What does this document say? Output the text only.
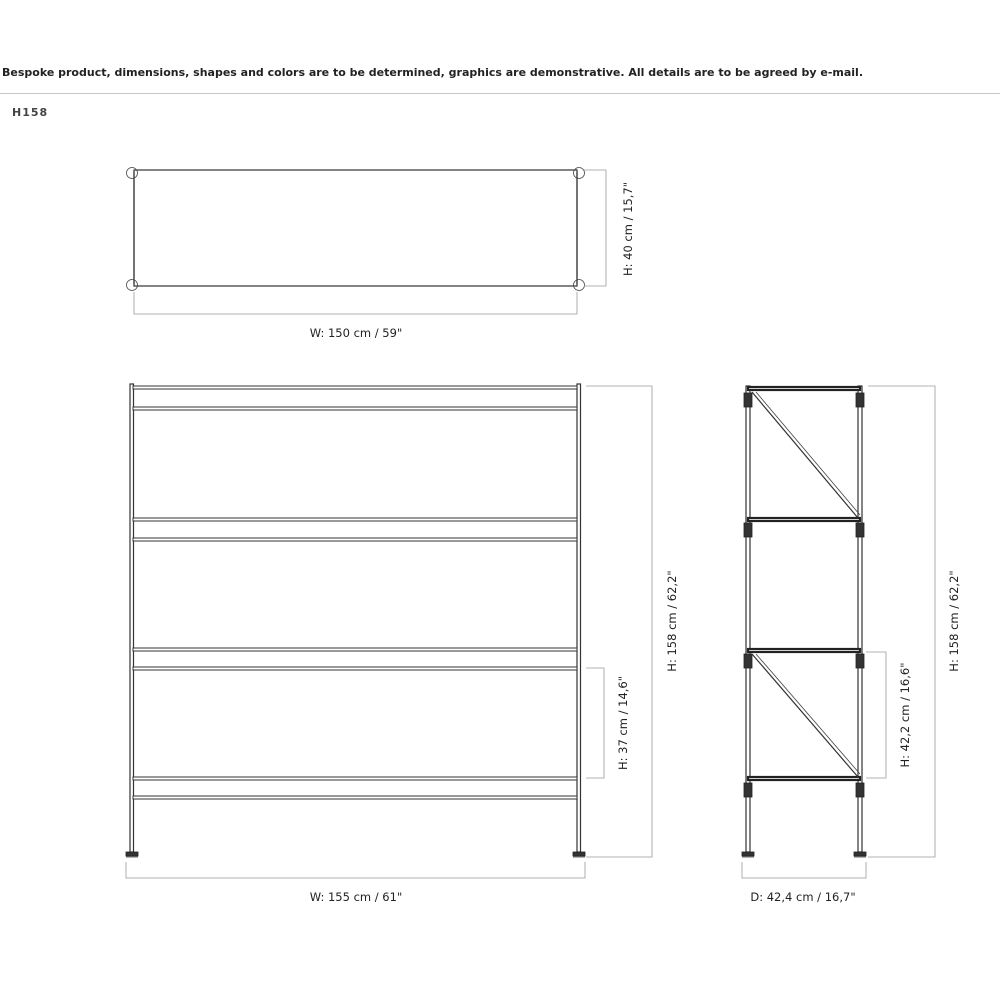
Bespoke product, dimensions, shapes and colors are to be determined, graphics are demonstrative. All details are to be agreed by e-mail.
H158
W: 150 cm / 59"
H: 40 cm / 15,7"
W: 155 cm / 61"
H: 158 cm / 62,2"
H: 37 cm / 14,6"
D: 42,4 cm / 16,7"
H: 158 cm / 62,2"
H: 42,2 cm / 16,6"
